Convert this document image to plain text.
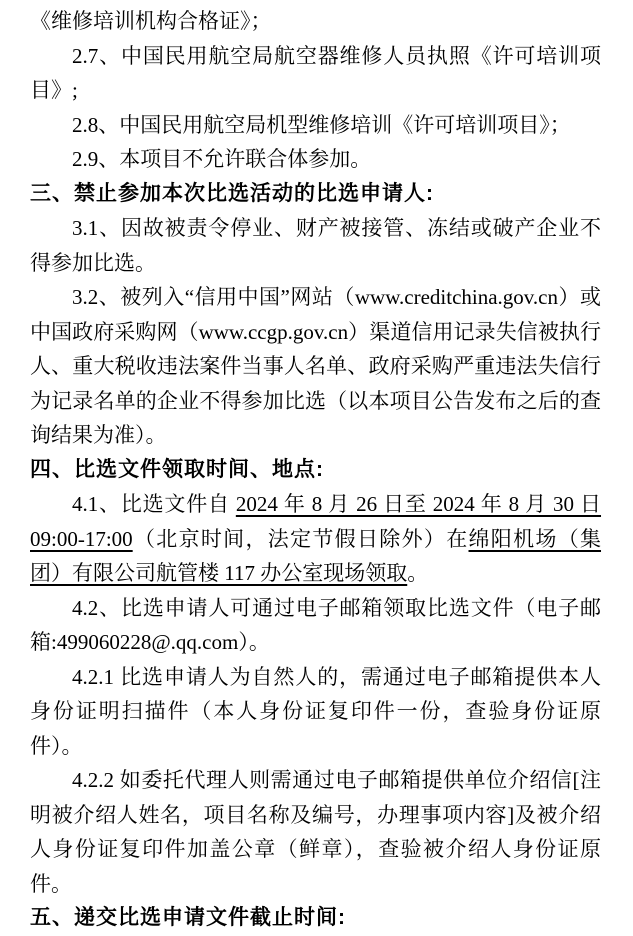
《维修培训机构合格证》；

2.7、中国民用航空局航空器维修人员执照《许可培训项目》;

2.8、中国民用航空局机型维修培训《许可培训项目》；

2.9、本项目不允许联合体参加。

三、禁止参加本次比选活动的比选申请人:

3.1、因故被责令停业、财产被接管、冻结或破产企业不得参加比选。

3.2、被列入“信用中国”网站（www.creditchina.gov.cn）或中国政府采购网（www.ccgp.gov.cn）渠道信用记录失信被执行人、重大税收违法案件当事人名单、政府采购严重违法失信行为记录名单的企业不得参加比选（以本项目公告发布之后的查询结果为准）。

四、比选文件领取时间、地点:

4.1、比选文件自 2024 年 8 月 26 日至 2024 年 8 月 30 日 09:00-17:00（北京时间，法定节假日除外）在绵阳机场（集团）有限公司航管楼 117 办公室现场领取。

4.2、比选申请人可通过电子邮箱领取比选文件（电子邮箱:499060228@.qq.com）。

4.2.1 比选申请人为自然人的，需通过电子邮箱提供本人身份证明扫描件（本人身份证复印件一份，查验身份证原件）。

4.2.2 如委托代理人则需通过电子邮箱提供单位介绍信[注明被介绍人姓名，项目名称及编号，办理事项内容]及被介绍人身份证复印件加盖公章（鲜章），查验被介绍人身份证原件。

五、递交比选申请文件截止时间:
